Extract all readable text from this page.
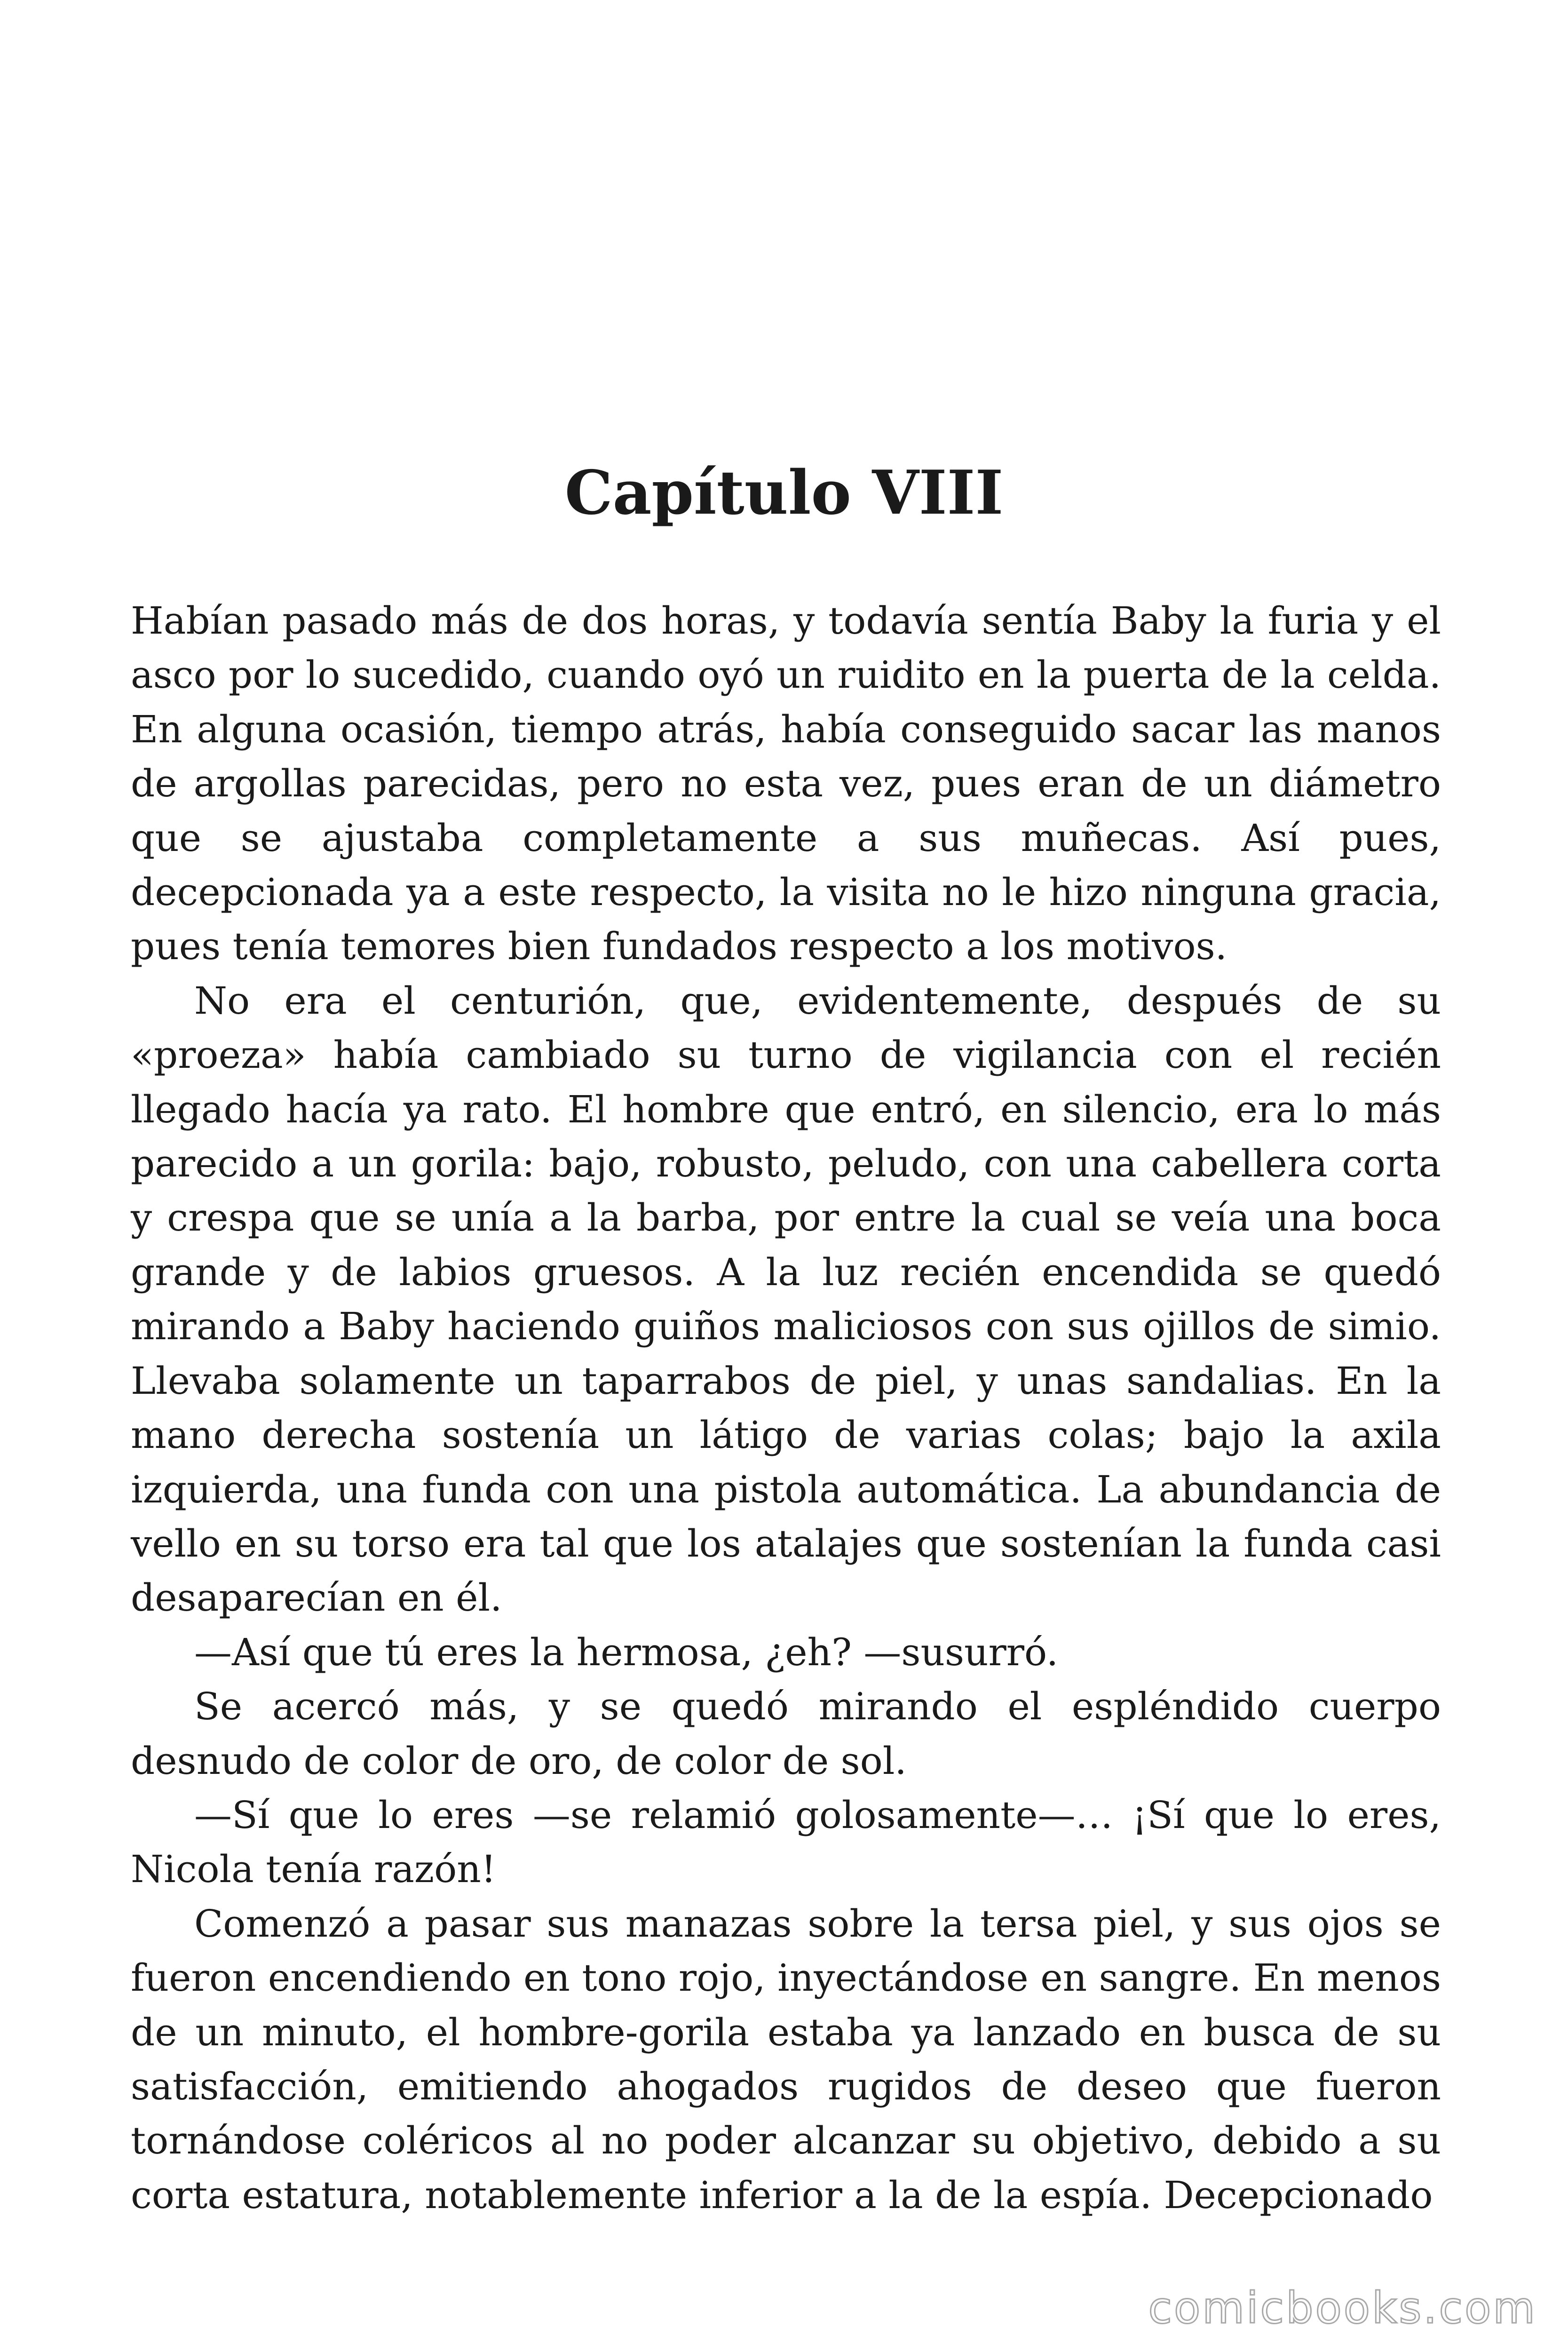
Capítulo VIII

Habían pasado más de dos horas, y todavía sentía Baby la furia y el asco por lo sucedido, cuando oyó un ruidito en la puerta de la celda. En alguna ocasión, tiempo atrás, había conseguido sacar las manos de argollas parecidas, pero no esta vez, pues eran de un diámetro que se ajustaba completamente a sus muñecas. Así pues, decepcionada ya a este respecto, la visita no le hizo ninguna gracia, pues tenía temores bien fundados respecto a los motivos.

No era el centurión, que, evidentemente, después de su «proeza» había cambiado su turno de vigilancia con el recién llegado hacía ya rato. El hombre que entró, en silencio, era lo más parecido a un gorila: bajo, robusto, peludo, con una cabellera corta y crespa que se unía a la barba, por entre la cual se veía una boca grande y de labios gruesos. A la luz recién encendida se quedó mirando a Baby haciendo guiños maliciosos con sus ojillos de simio. Llevaba solamente un taparrabos de piel, y unas sandalias. En la mano derecha sostenía un látigo de varias colas; bajo la axila izquierda, una funda con una pistola automática. La abundancia de vello en su torso era tal que los atalajes que sostenían la funda casi desaparecían en él.

—Así que tú eres la hermosa, ¿eh? —susurró.

Se acercó más, y se quedó mirando el espléndido cuerpo desnudo de color de oro, de color de sol.

—Sí que lo eres —se relamió golosamente—… ¡Sí que lo eres, Nicola tenía razón!

Comenzó a pasar sus manazas sobre la tersa piel, y sus ojos se fueron encendiendo en tono rojo, inyectándose en sangre. En menos de un minuto, el hombre-gorila estaba ya lanzado en busca de su satisfacción, emitiendo ahogados rugidos de deseo que fueron tornándose coléricos al no poder alcanzar su objetivo, debido a su corta estatura, notablemente inferior a la de la espía. Decepcionado

comicbooks.com
